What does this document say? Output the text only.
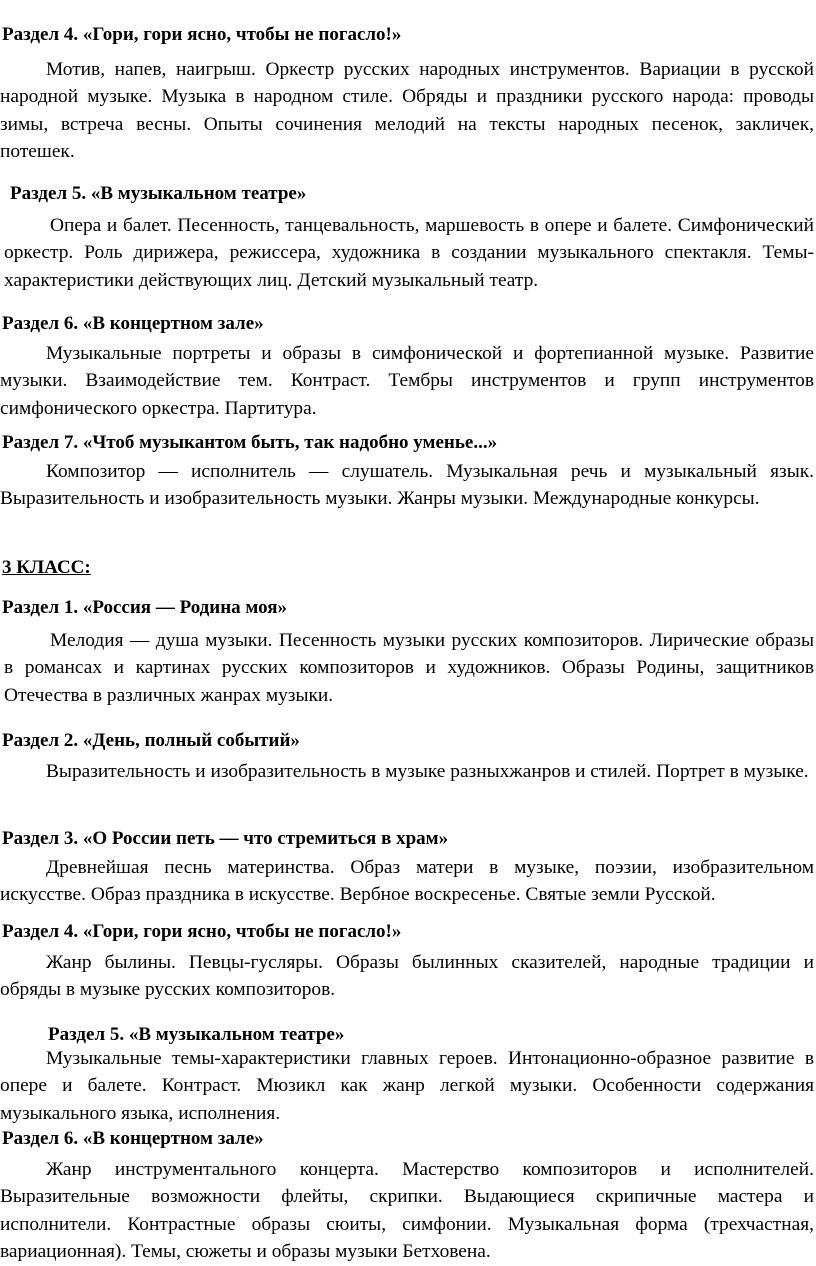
Раздел 4. «Гори, гори ясно, чтобы не погасло!»

Мотив, напев, наигрыш. Оркестр русских народных инструментов. Вариации в русской народной музыке. Музыка в народном стиле. Обряды и праздники русского народа: проводы зимы, встреча весны. Опыты сочинения мелодий на тексты народных песенок, закличек, потешек.

Раздел 5. «В музыкальном театре»

Опера и балет. Песенность, танцевальность, маршевость в опере и балете. Симфонический оркестр. Роль дирижера, режиссера, художника в создании музыкального спектакля. Темы-характеристики действующих лиц. Детский музыкальный театр.

Раздел 6. «В концертном зале»

Музыкальные портреты и образы в симфонической и фортепианной музыке. Развитие музыки. Взаимодействие тем. Контраст. Тембры инструментов и групп инструментов симфонического оркестра. Партитура.

Раздел 7. «Чтоб музыкантом быть, так надобно уменье...»

Композитор — исполнитель — слушатель. Музыкальная речь и музыкальный язык. Выразительность и изобразительность музыки. Жанры музыки. Международные конкурсы.

3 КЛАСС:
Раздел 1. «Россия — Родина моя»

Мелодия — душа музыки. Песенность музыки русских композиторов. Лирические образы в романсах и картинах русских композиторов и художников. Образы Родины, защитников Отечества в различных жанрах музыки.

Раздел 2. «День, полный событий»

Выразительность и изобразительность в музыке разныхжанров и стилей. Портрет в музыке.

Раздел 3. «О России петь — что стремиться в храм»

Древнейшая песнь материнства. Образ матери в музыке, поэзии, изобразительном искусстве. Образ праздника в искусстве. Вербное воскресенье. Святые земли Русской.

Раздел 4. «Гори, гори ясно, чтобы не погасло!»

Жанр былины. Певцы-гусляры. Образы былинных сказителей, народные традиции и обряды в музыке русских композиторов.

Раздел 5. «В музыкальном театре»

Музыкальные темы-характеристики главных героев. Интонационно-образное развитие в опере и балете. Контраст. Мюзикл как жанр легкой музыки. Особенности содержания музыкального языка, исполнения.

Раздел 6. «В концертном зале»

Жанр инструментального концерта. Мастерство композиторов и исполнителей. Выразительные возможности флейты, скрипки. Выдающиеся скрипичные мастера и исполнители. Контрастные образы сюиты, симфонии. Музыкальная форма (трехчастная, вариационная). Темы, сюжеты и образы музыки Бетховена.
